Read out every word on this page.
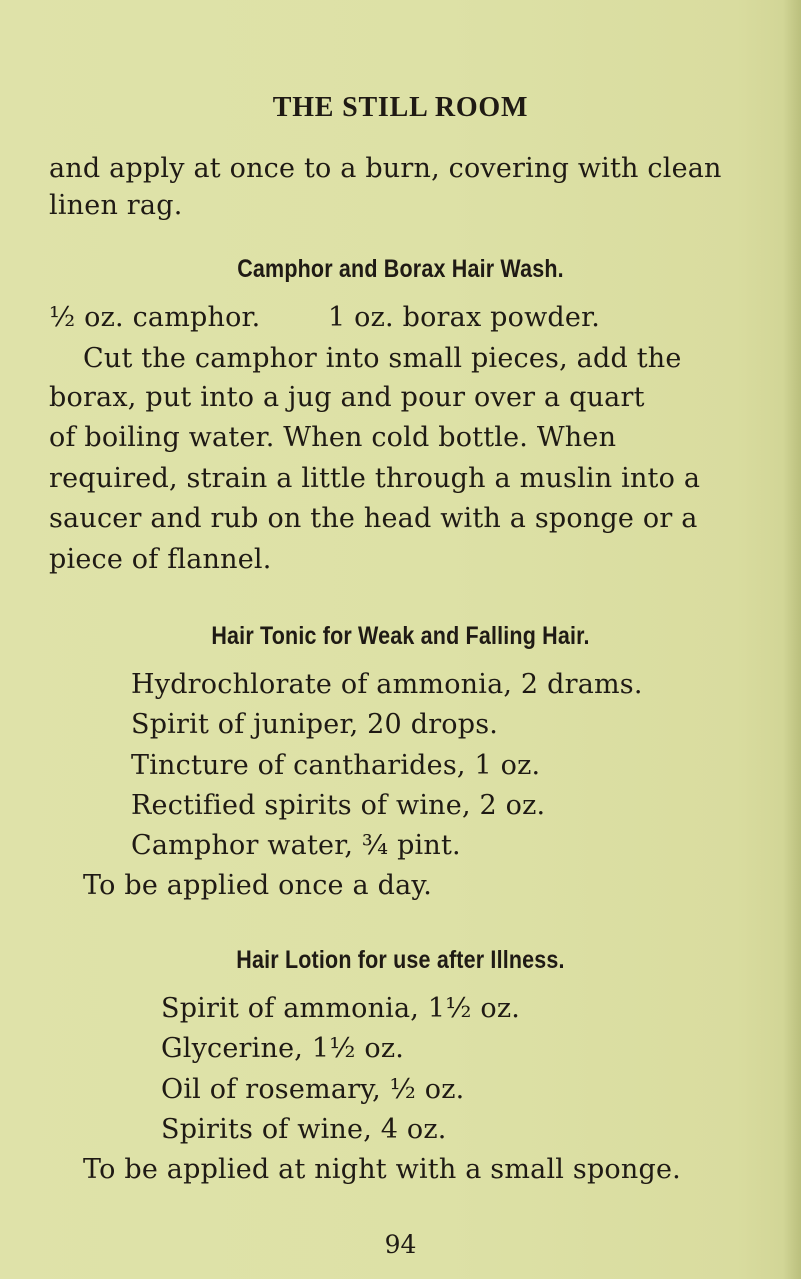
THE STILL ROOM
and apply at once to a burn, covering with clean
linen rag.
Camphor and Borax Hair Wash.
½ oz. camphor.	1 oz. borax powder.
Cut the camphor into small pieces, add the
borax, put into a jug and pour over a quart
of boiling water. When cold bottle. When
required, strain a little through a muslin into a
saucer and rub on the head with a sponge or a
piece of flannel.
Hair Tonic for Weak and Falling Hair.
Hydrochlorate of ammonia, 2 drams.
Spirit of juniper, 20 drops.
Tincture of cantharides, 1 oz.
Rectified spirits of wine, 2 oz.
Camphor water, ¾ pint.
To be applied once a day.
Hair Lotion for use after Illness.
Spirit of ammonia, 1½ oz.
Glycerine, 1½ oz.
Oil of rosemary, ½ oz.
Spirits of wine, 4 oz.
To be applied at night with a small sponge.
94
